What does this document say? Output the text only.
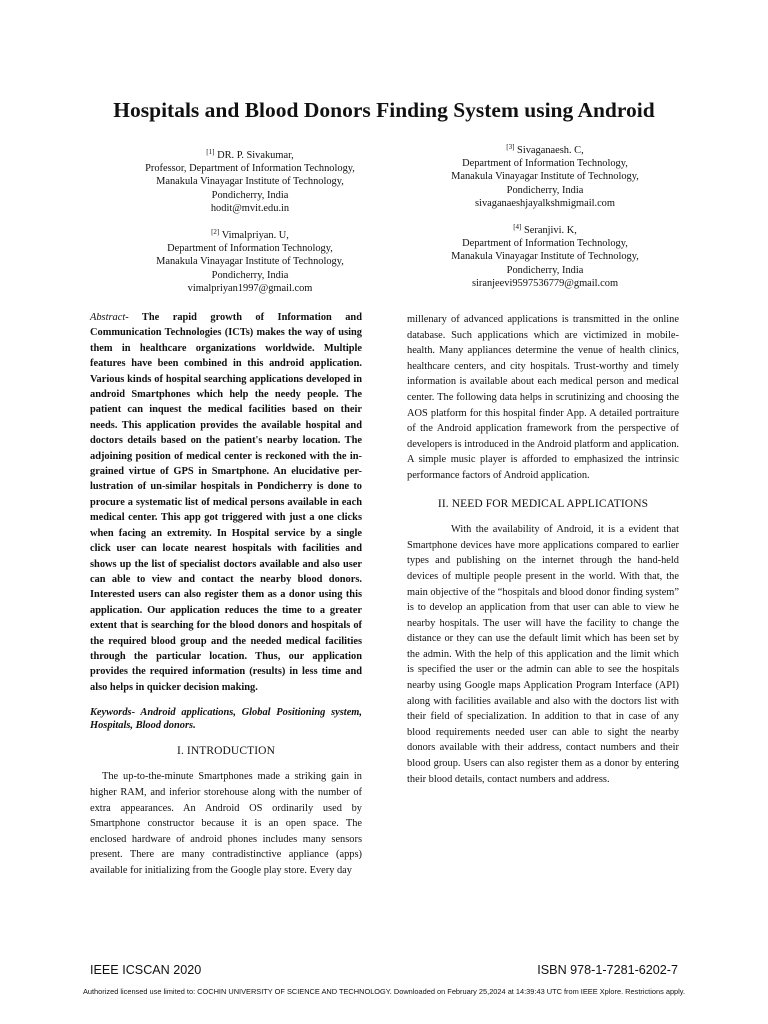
Hospitals and Blood Donors Finding System using Android
[1] DR. P. Sivakumar,
Professor, Department of Information Technology,
Manakula Vinayagar Institute of Technology,
Pondicherry, India
hodit@mvit.edu.in
[2] Vimalpriyan. U,
Department of Information Technology,
Manakula Vinayagar Institute of Technology,
Pondicherry, India
vimalpriyan1997@gmail.com
[3] Sivaganaesh. C,
Department of Information Technology,
Manakula Vinayagar Institute of Technology,
Pondicherry, India
sivaganaeshjayalkshmigmail.com
[4] Seranjivi. K,
Department of Information Technology,
Manakula Vinayagar Institute of Technology,
Pondicherry, India
siranjeevi9597536779@gmail.com

Abstract- The rapid growth of Information and Communication Technologies (ICTs) makes the way of using them in healthcare organizations worldwide. Multiple features have been combined in this android application. Various kinds of hospital searching applications developed in android Smartphones which help the needy people. The patient can inquest the medical facilities based on their needs. This application provides the available hospital and doctors details based on the patient's nearby location. The adjoining position of medical center is reckoned with the in-grained virtue of GPS in Smartphone. An elucidative per-lustration of un-similar hospitals in Pondicherry is done to procure a systematic list of medical persons available in each medical center. This app got triggered with just a one clicks when facing an extremity. In Hospital service by a single click user can locate nearest hospitals with facilities and shows up the list of specialist doctors available and also user can able to view and contact the nearby blood donors. Interested users can also register them as a donor using this application. Our application reduces the time to a greater extent that is searching for the blood donors and hospitals of the required blood group and the needed medical facilities through the particular location. Thus, our application provides the required information (results) in less time and also helps in quicker decision making.

Keywords- Android applications, Global Positioning system, Hospitals, Blood donors.

I. INTRODUCTION

The up-to-the-minute Smartphones made a striking gain in higher RAM, and inferior storehouse along with the number of extra appearances. An Android OS ordinarily used by Smartphone constructor because it is an open space. The enclosed hardware of android phones includes many sensors present. There are many contradistinctive appliance (apps) available for initializing from the Google play store. Every day

millenary of advanced applications is transmitted in the online database. Such applications which are victimized in mobile-health. Many appliances determine the venue of health clinics, healthcare centers, and city hospitals. Trust-worthy and timely information is available about each medical person and medical center. The following data helps in scrutinizing and choosing the AOS platform for this hospital finder App. A detailed portraiture of the Android application framework from the perspective of developers is introduced in the Android platform and application. A simple music player is afforded to emphasized the intrinsic performance factors of Android application.

II. NEED FOR MEDICAL APPLICATIONS

With the availability of Android, it is a evident that Smartphone devices have more applications compared to earlier types and publishing on the internet through the hand-held devices of multiple people present in the world. With that, the main objective of the “hospitals and blood donor finding system” is to develop an application from that user can able to view he nearby hospitals. The user will have the facility to change the distance or they can use the default limit which has been set by the admin. With the help of this application and the limit which is specified the user or the admin can able to see the hospitals nearby using Google maps Application Program Interface (API) along with facilities available and also with the doctors list with their field of specialization. In addition to that in case of any blood requirements needed user can able to sight the nearby donors available with their address, contact numbers and their blood group. Users can also register them as a donor by entering their blood details, contact numbers and address.

IEEE ICSCAN 2020	ISBN 978-1-7281-6202-7
Authorized licensed use limited to: COCHIN UNIVERSITY OF SCIENCE AND TECHNOLOGY. Downloaded on February 25,2024 at 14:39:43 UTC from IEEE Xplore. Restrictions apply.
